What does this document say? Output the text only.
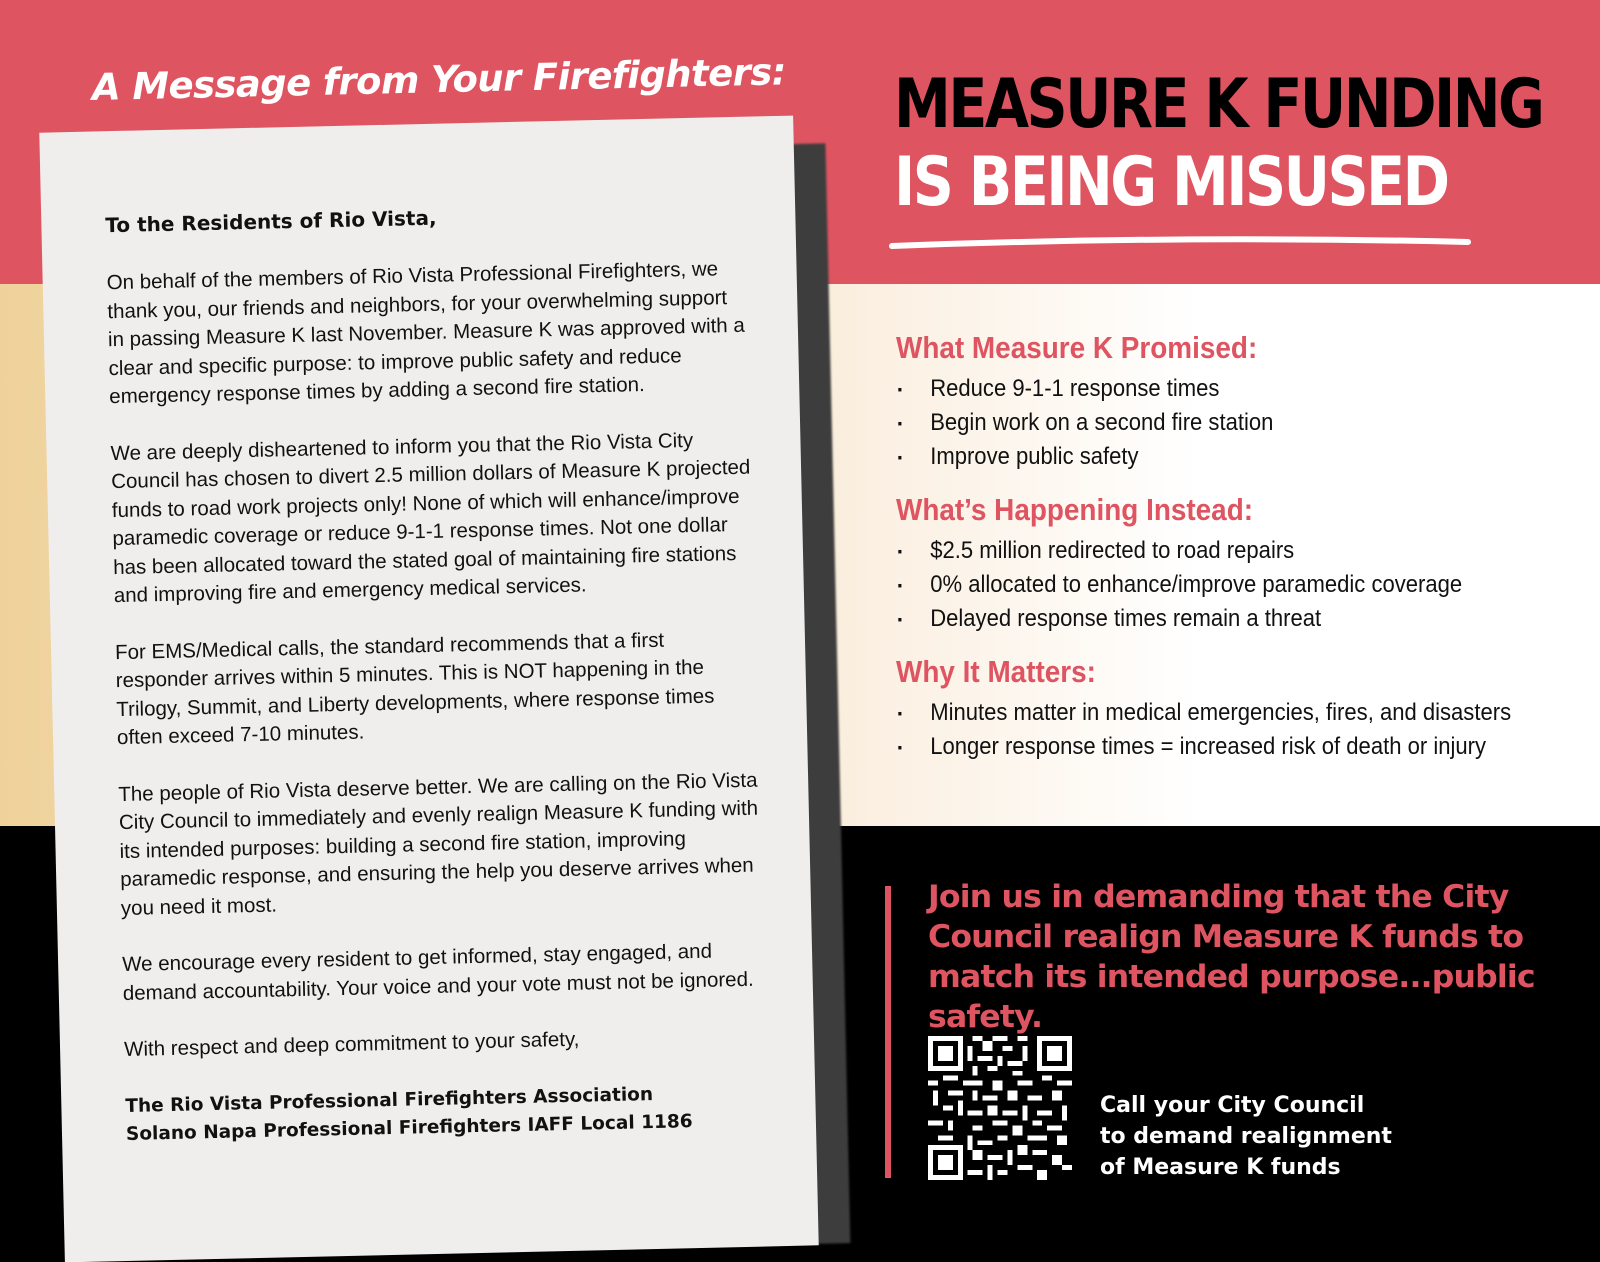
A Message from Your Firefighters:

To the Residents of Rio Vista,

On behalf of the members of Rio Vista Professional Firefighters, we thank you, our friends and neighbors, for your overwhelming support in passing Measure K last November. Measure K was approved with a clear and specific purpose: to improve public safety and reduce emergency response times by adding a second fire station.

We are deeply disheartened to inform you that the Rio Vista City Council has chosen to divert 2.5 million dollars of Measure K projected funds to road work projects only! None of which will enhance/improve paramedic coverage or reduce 9-1-1 response times. Not one dollar has been allocated toward the stated goal of maintaining fire stations and improving fire and emergency medical services.

For EMS/Medical calls, the standard recommends that a first responder arrives within 5 minutes. This is NOT happening in the Trilogy, Summit, and Liberty developments, where response times often exceed 7-10 minutes.

The people of Rio Vista deserve better. We are calling on the Rio Vista City Council to immediately and evenly realign Measure K funding with its intended purposes: building a second fire station, improving paramedic response, and ensuring the help you deserve arrives when you need it most.

We encourage every resident to get informed, stay engaged, and demand accountability. Your voice and your vote must not be ignored.

With respect and deep commitment to your safety,

The Rio Vista Professional Firefighters Association
Solano Napa Professional Firefighters IAFF Local 1186
MEASURE K FUNDING
IS BEING MISUSED
What Measure K Promised:
▪ Reduce 9-1-1 response times
▪ Begin work on a second fire station
▪ Improve public safety
What’s Happening Instead:
▪ $2.5 million redirected to road repairs
▪ 0% allocated to enhance/improve paramedic coverage
▪ Delayed response times remain a threat
Why It Matters:
▪ Minutes matter in medical emergencies, fires, and disasters
▪ Longer response times = increased risk of death or injury

Join us in demanding that the City Council realign Measure K funds to match its intended purpose...public safety.

Call your City Council
to demand realignment
of Measure K funds
